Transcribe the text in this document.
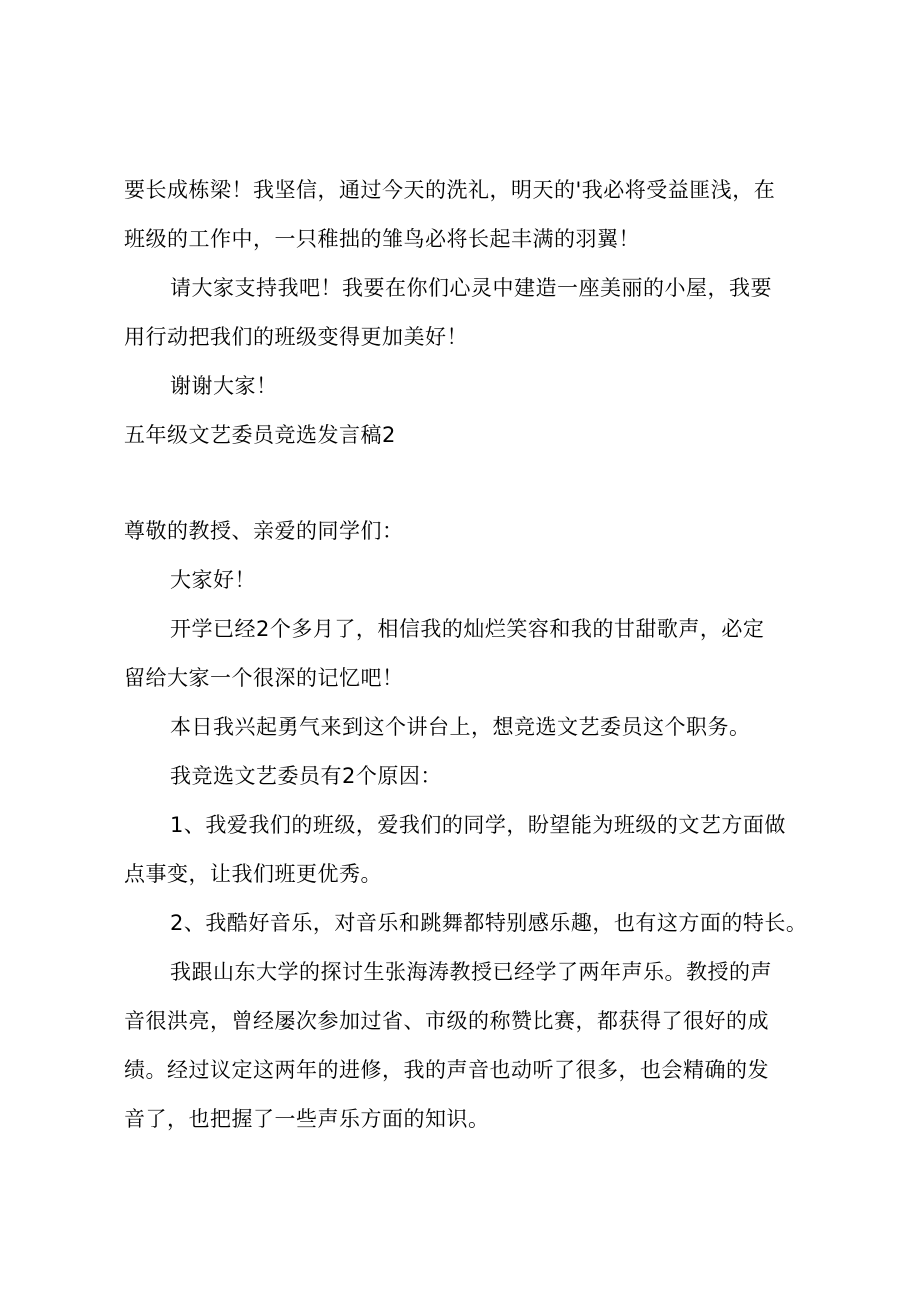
要长成栋梁！我坚信，通过今天的洗礼，明天的'我必将受益匪浅，在
班级的工作中，一只稚拙的雏鸟必将长起丰满的羽翼！
请大家支持我吧！我要在你们心灵中建造一座美丽的小屋，我要
用行动把我们的班级变得更加美好！
谢谢大家！
五年级文艺委员竞选发言稿2
尊敬的教授、亲爱的同学们：
大家好！
开学已经2个多月了，相信我的灿烂笑容和我的甘甜歌声，必定
留给大家一个很深的记忆吧！
本日我兴起勇气来到这个讲台上，想竞选文艺委员这个职务。
我竞选文艺委员有2个原因：
1、我爱我们的班级，爱我们的同学，盼望能为班级的文艺方面做
点事变，让我们班更优秀。
2、我酷好音乐，对音乐和跳舞都特别感乐趣，也有这方面的特长。
我跟山东大学的探讨生张海涛教授已经学了两年声乐。教授的声
音很洪亮，曾经屡次参加过省、市级的称赞比赛，都获得了很好的成
绩。经过议定这两年的进修，我的声音也动听了很多，也会精确的发
音了，也把握了一些声乐方面的知识。
